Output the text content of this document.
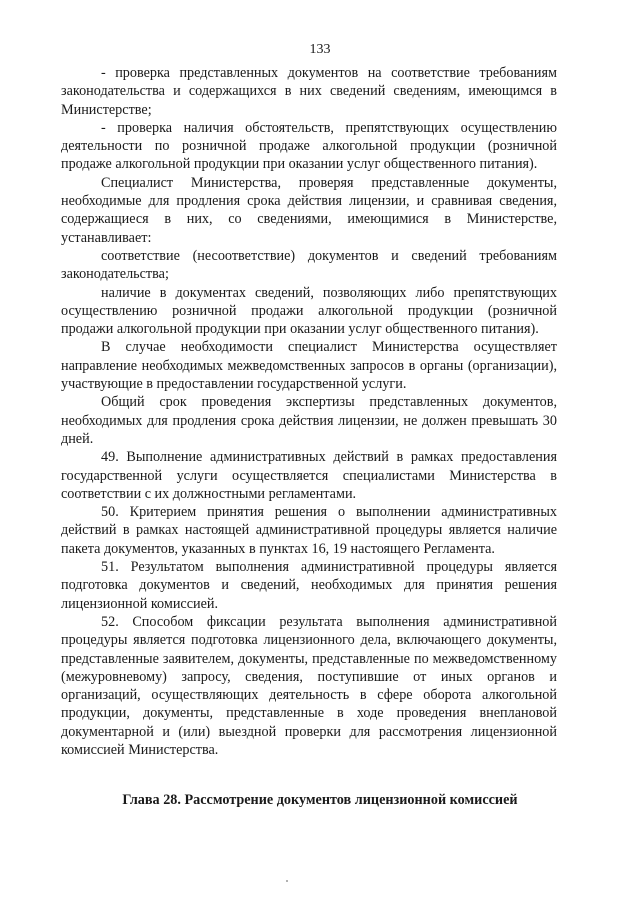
133

- проверка представленных документов на соответствие требованиям законодательства и содержащихся в них сведений сведениям, имеющимся в Министерстве;

- проверка наличия обстоятельств, препятствующих осуществлению деятельности по розничной продаже алкогольной продукции (розничной продаже алкогольной продукции при оказании услуг общественного питания).

Специалист Министерства, проверяя представленные документы, необходимые для продления срока действия лицензии, и сравнивая сведения, содержащиеся в них, со сведениями, имеющимися в Министерстве, устанавливает:

соответствие (несоответствие) документов и сведений требованиям законодательства;

наличие в документах сведений, позволяющих либо препятствующих осуществлению розничной продажи алкогольной продукции (розничной продажи алкогольной продукции при оказании услуг общественного питания).

В случае необходимости специалист Министерства осуществляет направление необходимых межведомственных запросов в органы (организации), участвующие в предоставлении государственной услуги.

Общий срок проведения экспертизы представленных документов, необходимых для продления срока действия лицензии, не должен превышать 30 дней.

49. Выполнение административных действий в рамках предоставления государственной услуги осуществляется специалистами Министерства в соответствии с их должностными регламентами.

50. Критерием принятия решения о выполнении административных действий в рамках настоящей административной процедуры является наличие пакета документов, указанных в пунктах 16, 19 настоящего Регламента.

51. Результатом выполнения административной процедуры является подготовка документов и сведений, необходимых для принятия решения лицензионной комиссией.

52. Способом фиксации результата выполнения административной процедуры является подготовка лицензионного дела, включающего документы, представленные заявителем, документы, представленные по межведомственному (межуровневому) запросу, сведения, поступившие от иных органов и организаций, осуществляющих деятельность в сфере оборота алкогольной продукции, документы, представленные в ходе проведения внеплановой документарной и (или) выездной проверки для рассмотрения лицензионной комиссией Министерства.

Глава 28. Рассмотрение документов лицензионной комиссией
